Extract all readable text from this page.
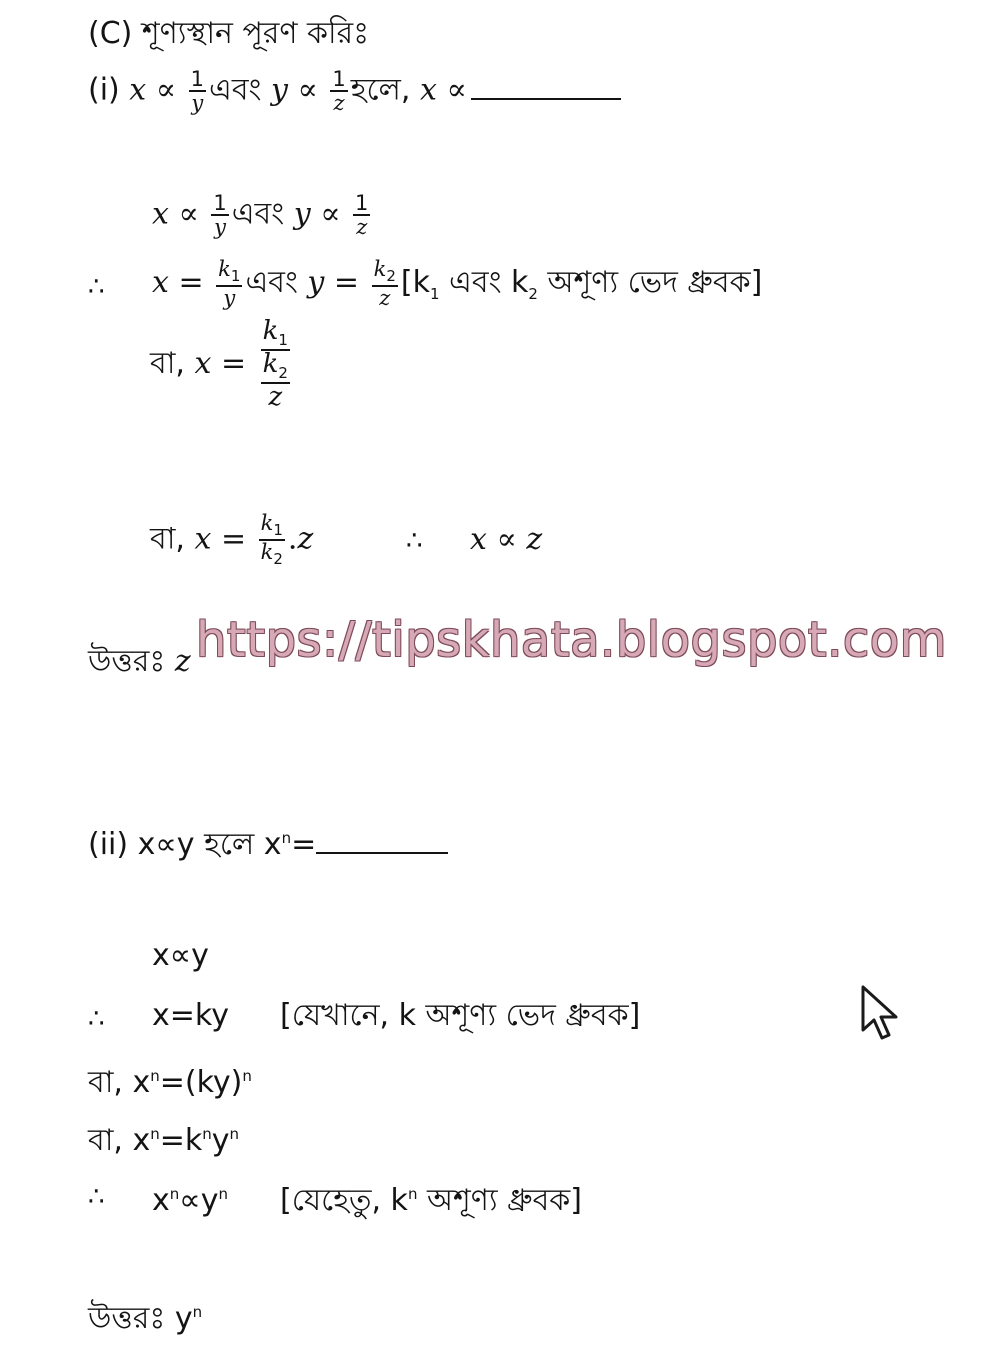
(C) শূণ্যস্থান পূরণ করিঃ
(i) $x \propto \frac{1}{y}$ এবং $y \propto \frac{1}{z}$ হলে, x ∝
$x \propto \frac{1}{y}$ এবং $y \propto \frac{1}{z}$
∴ $x = \frac{k_1}{y}$ এবং $y = \frac{k_2}{z} [k_1$ এবং $k_2$ অশূণ্য ভেদ ধ্রুবক]
বা, $x = \frac{k_1}{\frac{k_2}{z}}$
বা, $x = \frac{k_1}{k_2} .z$	∴ x ∝ z
উত্তরঃ z https://tipskhata.blogspot.com
(ii) x∝y হলে $x^n=$
x∝y
∴ x=ky [যেখানে, k অশূণ্য ভেদ ধ্রুবক]
বা, $x^n=(ky)^n$
বা, $x^n=k^ny^n$
∴ $x^n\propto y^n$ [যেহেতু, $k^n$ অশূণ্য ধ্রুবক]
উত্তরঃ $y^n$
